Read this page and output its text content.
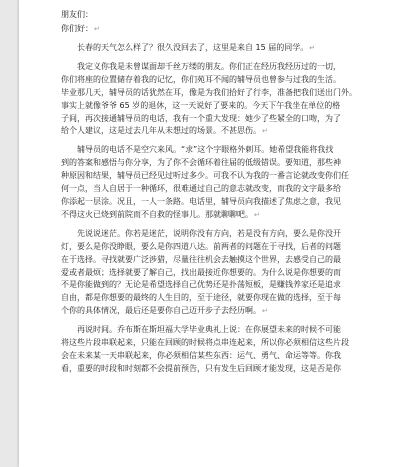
朋友们：
你们好：↵
长春的天气怎么样了？很久没回去了，这里是来自 15 届的同学。↵
我定义你我是未曾谋面却千丝万缕的朋友。你们正在经历我经历过的一切，
你们将座的位置储存着我的记忆，你们苑耳不闻的辅导员也曾参与过我的生活。
毕业那几天，辅导员的话犹然在耳，像是为我们拾好了行李，准备把我们送出门外。
事实上就像爷爷 65 岁的退休，这一天说好了要来的。今天下午我坐在单位的格
子间，再次接通辅导员的电话，我有一个重大发现：她少了些紧全的口吻，为了
给个人建议，这是过去几年从未想过的场景。不甚思伤。↵
辅导员的电话不是空穴来风。“求”这个字眼格外刺耳。她希望我能将我找
到的答案和感悟与你分享，为了你不会循环着往届的低级错误。要知道，那些神
种原因和结果，辅导员已经见过听过多少。可我不认为我的一番言论就改变你们任
何一点，当人自居于一种循环，很难通过自己的意志就改变，而我的文字最多给
你添起一层涂。况且，一人一条路。电话里，辅导员向我描述了焦虑之意，我见
不得这火已烧到前院而不自救的怪事儿。那就聊聊吧。↵
先说说迷茫。你若是迷茫，说明你没有方向，若是没有方向，要么是你没开
灯，要么是你没睁眼，要么是你四道八达。前两者的问题在于寻找，后者的问题
在于选择。寻找就要广泛涉猎，尽量往往机会去触摸这个世界，去感受自己的最
爱或者最烦；选择就要了解自己，找出最接近你想要的。为什么说是你想要的而
不是你能做到的？无论是希望选择自己优势还是扑荡短板，是赚钱养家还是追求
自由，都是你想要的最终的人生目的，至于途径，就要你现在做的选择，至于每
个你的具体情况，最后还是要你自己迈开步子去经历啊。↵
再说时间。乔布斯在斯坦福大学毕业典礼上说：在你展望未来的时候不可能
将这些片段串联起来，只能在回顾的时候将点串连起来，所以你必须相信这些片段
会在未来某一天串联起来，你必须相信某些东西：运气、勇气、命运等等。你我
看，重要的时段和时刻都不会提前预告，只有发生后回顾才能发现，这是否是你
